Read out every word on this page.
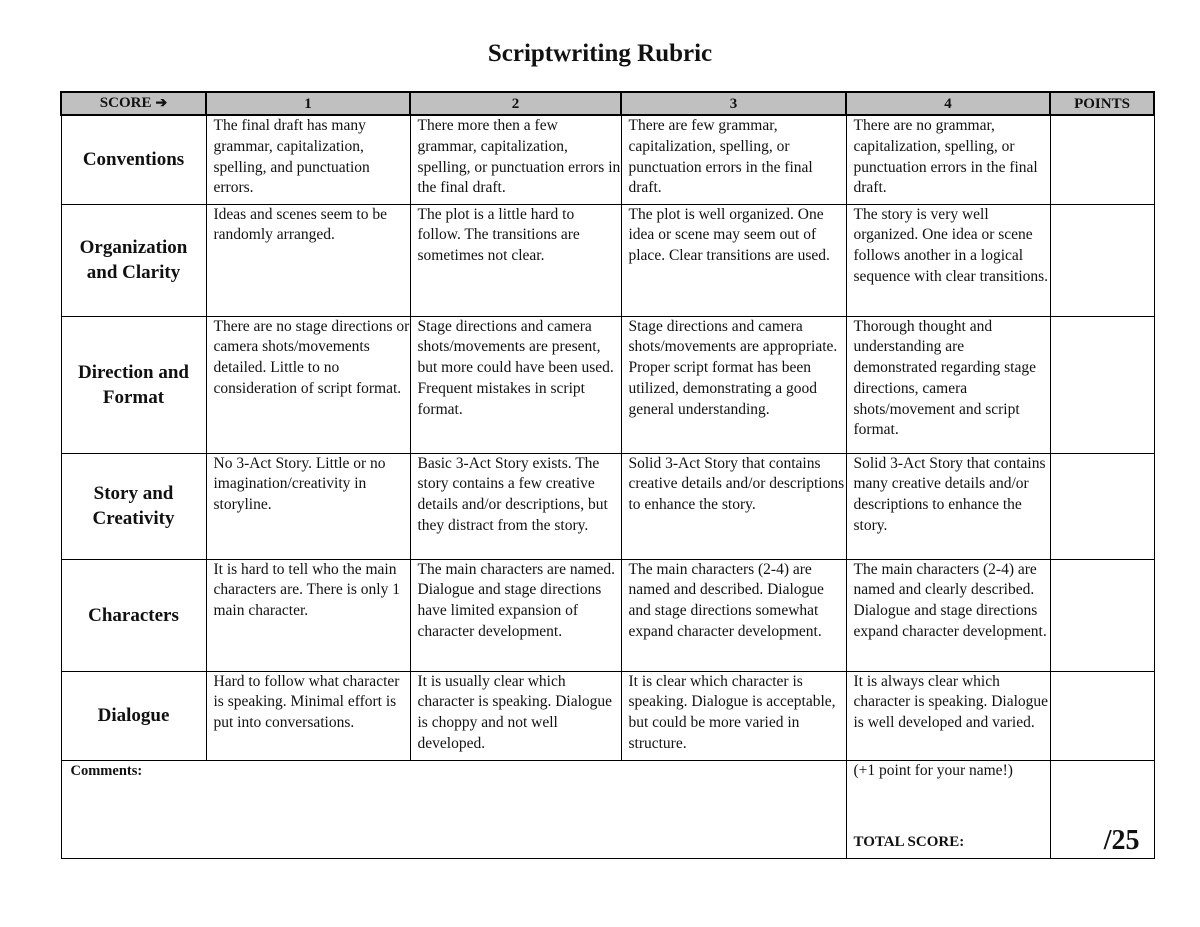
Scriptwriting Rubric
SCORE ➔	1	2	3	4	POINTS
Conventions	The final draft has many grammar, capitalization, spelling, and punctuation errors.	There more then a few grammar, capitalization, spelling, or punctuation errors in the final draft.	There are few grammar, capitalization, spelling, or punctuation errors in the final draft.	There are no grammar, capitalization, spelling, or punctuation errors in the final draft.	
Organization and Clarity	Ideas and scenes seem to be randomly arranged.	The plot is a little hard to follow. The transitions are sometimes not clear.	The plot is well organized. One idea or scene may seem out of place. Clear transitions are used.	The story is very well organized. One idea or scene follows another in a logical sequence with clear transitions.	
Direction and Format	There are no stage directions or camera shots/movements detailed. Little to no consideration of script format.	Stage directions and camera shots/movements are present, but more could have been used. Frequent mistakes in script format.	Stage directions and camera shots/movements are appropriate. Proper script format has been utilized, demonstrating a good general understanding.	Thorough thought and understanding are demonstrated regarding stage directions, camera shots/movement and script format.	
Story and Creativity	No 3-Act Story. Little or no imagination/creativity in storyline.	Basic 3-Act Story exists. The story contains a few creative details and/or descriptions, but they distract from the story.	Solid 3-Act Story that contains creative details and/or descriptions to enhance the story.	Solid 3-Act Story that contains many creative details and/or descriptions to enhance the story.	
Characters	It is hard to tell who the main characters are. There is only 1 main character.	The main characters are named. Dialogue and stage directions have limited expansion of character development.	The main characters (2-4) are named and described. Dialogue and stage directions somewhat expand character development.	The main characters (2-4) are named and clearly described. Dialogue and stage directions expand character development.	
Dialogue	Hard to follow what character is speaking. Minimal effort is put into conversations.	It is usually clear which character is speaking. Dialogue is choppy and not well developed.	It is clear which character is speaking. Dialogue is acceptable, but could be more varied in structure.	It is always clear which character is speaking. Dialogue is well developed and varied.	
Comments:				(+1 point for your name!)
TOTAL SCORE:	/25
